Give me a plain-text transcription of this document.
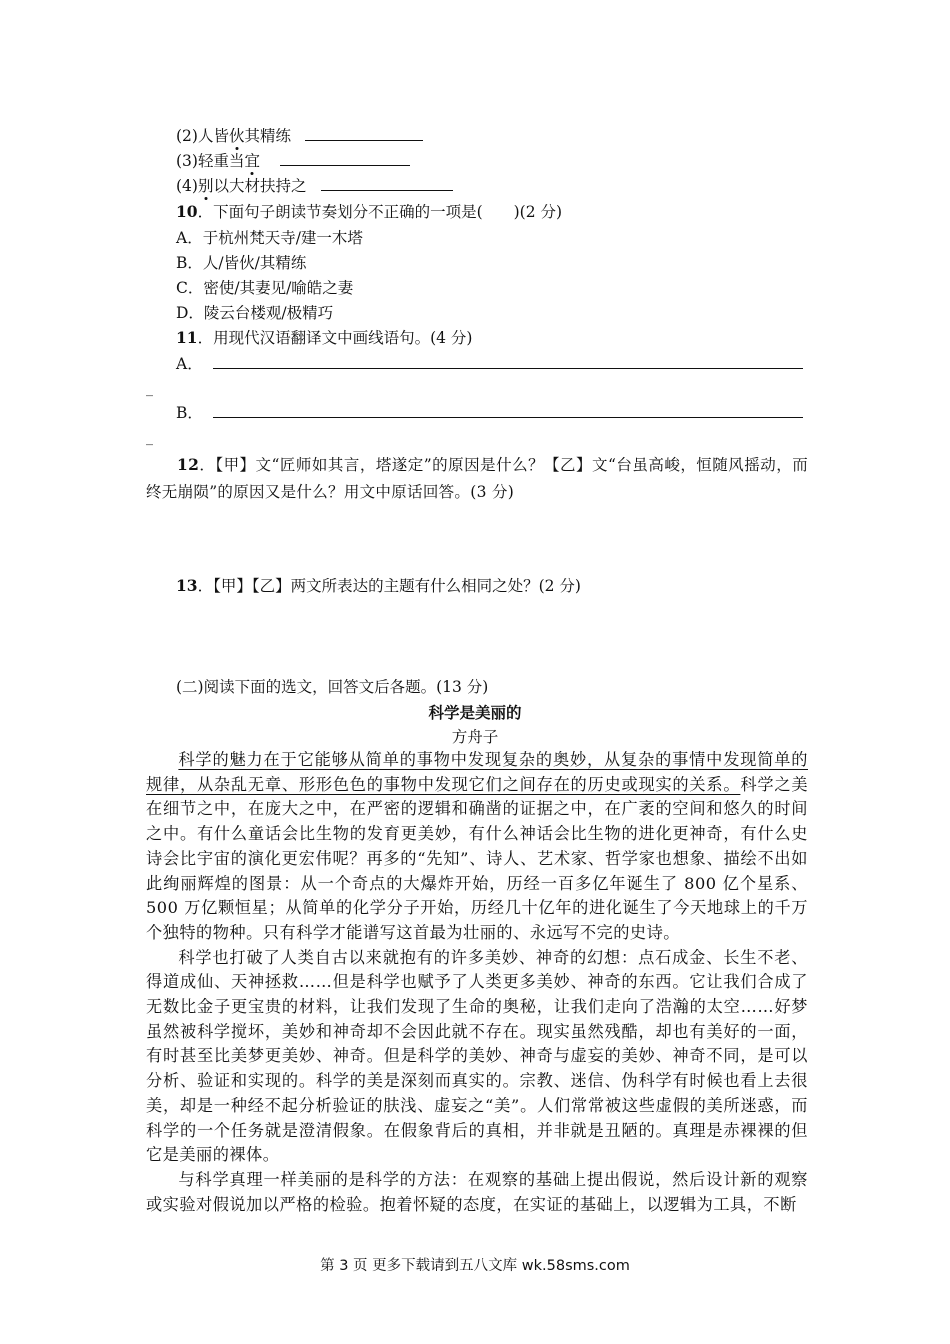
(2)人皆伙其精练
(3)轻重当宜
(4)别以大材扶持之
10．下面句子朗读节奏划分不正确的一项是(　　)(2 分)
A．于杭州梵天寺/建一木塔
B．人/皆伙/其精练
C．密使/其妻见/喻皓之妻
D．陵云台楼观/极精巧
11．用现代汉语翻译文中画线语句。(4 分)
A．
_
B．
_

12．【甲】文“匠师如其言，塔遂定”的原因是什么？【乙】文“台虽高峻，恒随风摇动，而终无崩陨”的原因又是什么？用文中原话回答。(3 分)

13．【甲】【乙】两文所表达的主题有什么相同之处？(2 分)
(二)阅读下面的选文，回答文后各题。(13 分)
科学是美丽的
方舟子

科学的魅力在于它能够从简单的事物中发现复杂的奥妙，从复杂的事情中发现简单的规律，从杂乱无章、形形色色的事物中发现它们之间存在的历史或现实的关系。科学之美在细节之中，在庞大之中，在严密的逻辑和确凿的证据之中，在广袤的空间和悠久的时间之中。有什么童话会比生物的发育更美妙，有什么神话会比生物的进化更神奇，有什么史诗会比宇宙的演化更宏伟呢？再多的“先知”、诗人、艺术家、哲学家也想象、描绘不出如此绚丽辉煌的图景：从一个奇点的大爆炸开始，历经一百多亿年诞生了 800 亿个星系、500 万亿颗恒星；从简单的化学分子开始，历经几十亿年的进化诞生了今天地球上的千万个独特的物种。只有科学才能谱写这首最为壮丽的、永远写不完的史诗。

科学也打破了人类自古以来就抱有的许多美妙、神奇的幻想：点石成金、长生不老、得道成仙、天神拯救……但是科学也赋予了人类更多美妙、神奇的东西。它让我们合成了无数比金子更宝贵的材料，让我们发现了生命的奥秘，让我们走向了浩瀚的太空……好梦虽然被科学搅坏，美妙和神奇却不会因此就不存在。现实虽然残酷，却也有美好的一面，有时甚至比美梦更美妙、神奇。但是科学的美妙、神奇与虚妄的美妙、神奇不同，是可以分析、验证和实现的。科学的美是深刻而真实的。宗教、迷信、伪科学有时候也看上去很美，却是一种经不起分析验证的肤浅、虚妄之“美”。人们常常被这些虚假的美所迷惑，而科学的一个任务就是澄清假象。在假象背后的真相，并非就是丑陋的。真理是赤裸裸的但它是美丽的裸体。

与科学真理一样美丽的是科学的方法：在观察的基础上提出假说，然后设计新的观察或实验对假说加以严格的检验。抱着怀疑的态度，在实证的基础上，以逻辑为工具，不断

第 3 页 更多下载请到五八文库 wk.58sms.com
